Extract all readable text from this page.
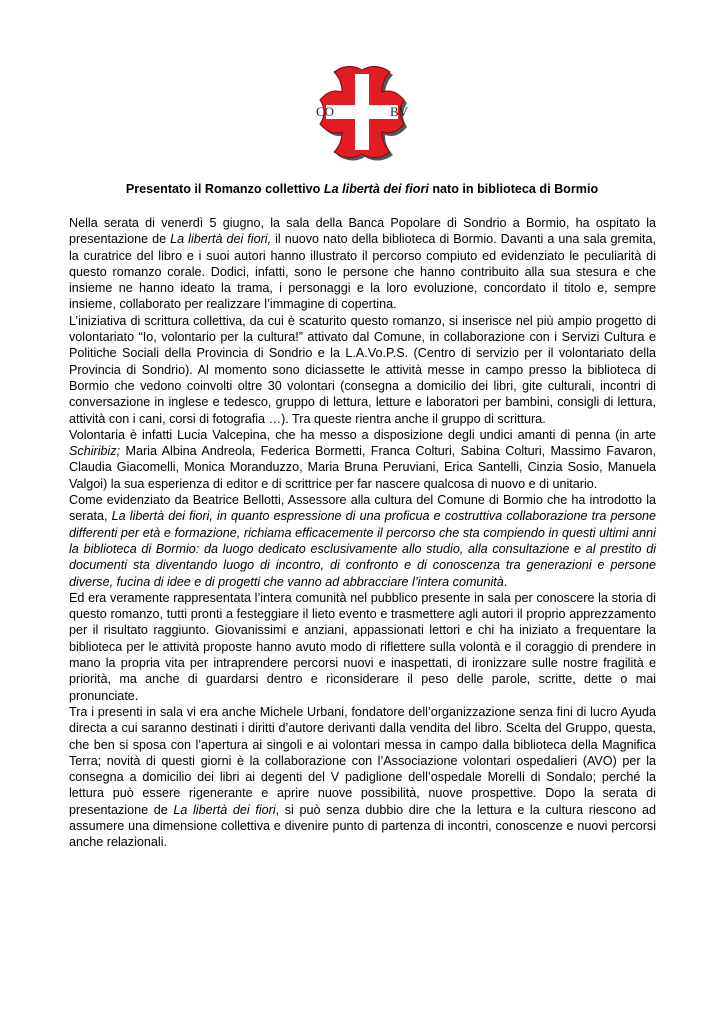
CO	BV
Presentato il Romanzo collettivo La libertà dei fiori nato in biblioteca di Bormio

Nella serata di venerdì 5 giugno, la sala della Banca Popolare di Sondrio a Bormio, ha ospitato la presentazione de La libertà dei fiori, il nuovo nato della biblioteca di Bormio. Davanti a una sala gremita, la curatrice del libro e i suoi autori hanno illustrato il percorso compiuto ed evidenziato le peculiarità di questo romanzo corale. Dodici, infatti, sono le persone che hanno contribuito alla sua stesura e che insieme ne hanno ideato la trama, i personaggi e la loro evoluzione, concordato il titolo e, sempre insieme, collaborato per realizzare l’immagine di copertina.

L’iniziativa di scrittura collettiva, da cui è scaturito questo romanzo, si inserisce nel più ampio progetto di volontariato “Io, volontario per la cultura!” attivato dal Comune, in collaborazione con i Servizi Cultura e Politiche Sociali della Provincia di Sondrio e la L.A.Vo.P.S. (Centro di servizio per il volontariato della Provincia di Sondrio). Al momento sono diciassette le attività messe in campo presso la biblioteca di Bormio che vedono coinvolti oltre 30 volontari (consegna a domicilio dei libri, gite culturali, incontri di conversazione in inglese e tedesco, gruppo di lettura, letture e laboratori per bambini, consigli di lettura, attività con i cani, corsi di fotografia …). Tra queste rientra anche il gruppo di scrittura.

Volontaria è infatti Lucia Valcepina, che ha messo a disposizione degli undici amanti di penna (in arte Schiribiz; Maria Albina Andreola, Federica Bormetti, Franca Colturi, Sabina Colturi, Massimo Favaron, Claudia Giacomelli, Monica Moranduzzo, Maria Bruna Peruviani, Erica Santelli, Cinzia Sosio, Manuela Valgoi) la sua esperienza di editor e di scrittrice per far nascere qualcosa di nuovo e di unitario.

Come evidenziato da Beatrice Bellotti, Assessore alla cultura del Comune di Bormio che ha introdotto la serata, La libertà dei fiori, in quanto espressione di una proficua e costruttiva collaborazione tra persone differenti per età e formazione, richiama efficacemente il percorso che sta compiendo in questi ultimi anni la biblioteca di Bormio: da luogo dedicato esclusivamente allo studio, alla consultazione e al prestito di documenti sta diventando luogo di incontro, di confronto e di conoscenza tra generazioni e persone diverse, fucina di idee e di progetti che vanno ad abbracciare l’intera comunità.

Ed era veramente rappresentata l’intera comunità nel pubblico presente in sala per conoscere la storia di questo romanzo, tutti pronti a festeggiare il lieto evento e trasmettere agli autori il proprio apprezzamento per il risultato raggiunto. Giovanissimi e anziani, appassionati lettori e chi ha iniziato a frequentare la biblioteca per le attività proposte hanno avuto modo di riflettere sulla volontà e il coraggio di prendere in mano la propria vita per intraprendere percorsi nuovi e inaspettati, di ironizzare sulle nostre fragilità e priorità, ma anche di guardarsi dentro e riconsiderare il peso delle parole, scritte, dette o mai pronunciate.

Tra i presenti in sala vi era anche Michele Urbani, fondatore dell’organizzazione senza fini di lucro Ayuda directa a cui saranno destinati i diritti d’autore derivanti dalla vendita del libro. Scelta del Gruppo, questa, che ben si sposa con l’apertura ai singoli e ai volontari messa in campo dalla biblioteca della Magnifica Terra; novità di questi giorni è la collaborazione con l’Associazione volontari ospedalieri (AVO) per la consegna a domicilio dei libri ai degenti del V padiglione dell’ospedale Morelli di Sondalo; perché la lettura può essere rigenerante e aprire nuove possibilità, nuove prospettive. Dopo la serata di presentazione de La libertà dei fiori, si può senza dubbio dire che la lettura e la cultura riescono ad assumere una dimensione collettiva e divenire punto di partenza di incontri, conoscenze e nuovi percorsi anche relazionali.
